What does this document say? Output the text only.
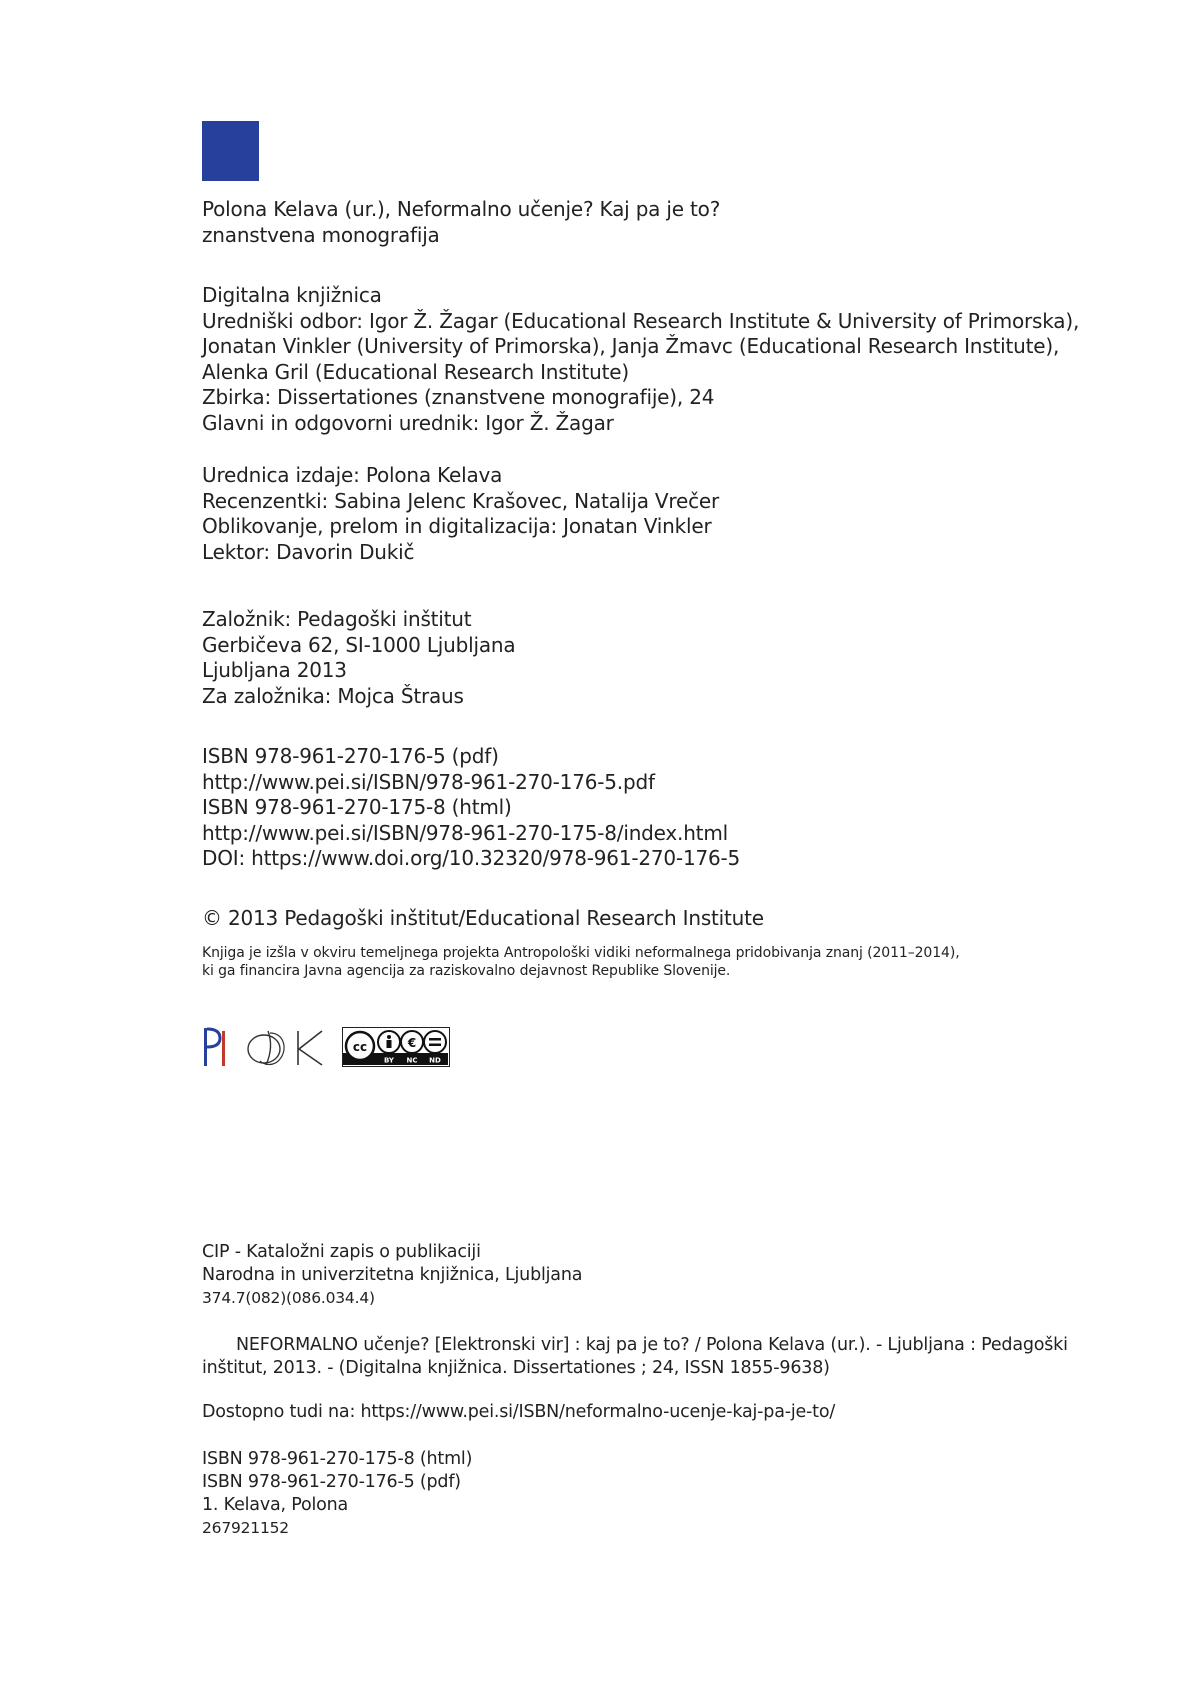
Polona Kelava (ur.), Neformalno učenje? Kaj pa je to?
znanstvena monografija
Digitalna knjižnica
Uredniški odbor: Igor Ž. Žagar (Educational Research Institute & University of Primorska),
Jonatan Vinkler (University of Primorska), Janja Žmavc (Educational Research Institute),
Alenka Gril (Educational Research Institute)
Zbirka: Dissertationes (znanstvene monografije), 24
Glavni in odgovorni urednik: Igor Ž. Žagar
Urednica izdaje: Polona Kelava
Recenzentki: Sabina Jelenc Krašovec, Natalija Vrečer
Oblikovanje, prelom in digitalizacija: Jonatan Vinkler
Lektor: Davorin Dukič
Založnik: Pedagoški inštitut
Gerbičeva 62, SI-1000 Ljubljana
Ljubljana 2013
Za založnika: Mojca Štraus
ISBN 978-961-270-176-5 (pdf)
http://www.pei.si/ISBN/978-961-270-176-5.pdf
ISBN 978-961-270-175-8 (html)
http://www.pei.si/ISBN/978-961-270-175-8/index.html
DOI: https://www.doi.org/10.32320/978-961-270-176-5
© 2013 Pedagoški inštitut/Educational Research Institute
Knjiga je izšla v okviru temeljnega projekta Antropološki vidiki neformalnega pridobivanja znanj (2011–2014),
ki ga financira Javna agencija za raziskovalno dejavnost Republike Slovenije.
cc	€
BY NC ND
CIP - Kataložni zapis o publikaciji
Narodna in univerzitetna knjižnica, Ljubljana
374.7(082)(086.034.4)
NEFORMALNO učenje? [Elektronski vir] : kaj pa je to? / Polona Kelava (ur.). - Ljubljana : Pedagoški
inštitut, 2013. - (Digitalna knjižnica. Dissertationes ; 24, ISSN 1855-9638)
Dostopno tudi na: https://www.pei.si/ISBN/neformalno-ucenje-kaj-pa-je-to/
ISBN 978-961-270-175-8 (html)
ISBN 978-961-270-176-5 (pdf)
1. Kelava, Polona
267921152
